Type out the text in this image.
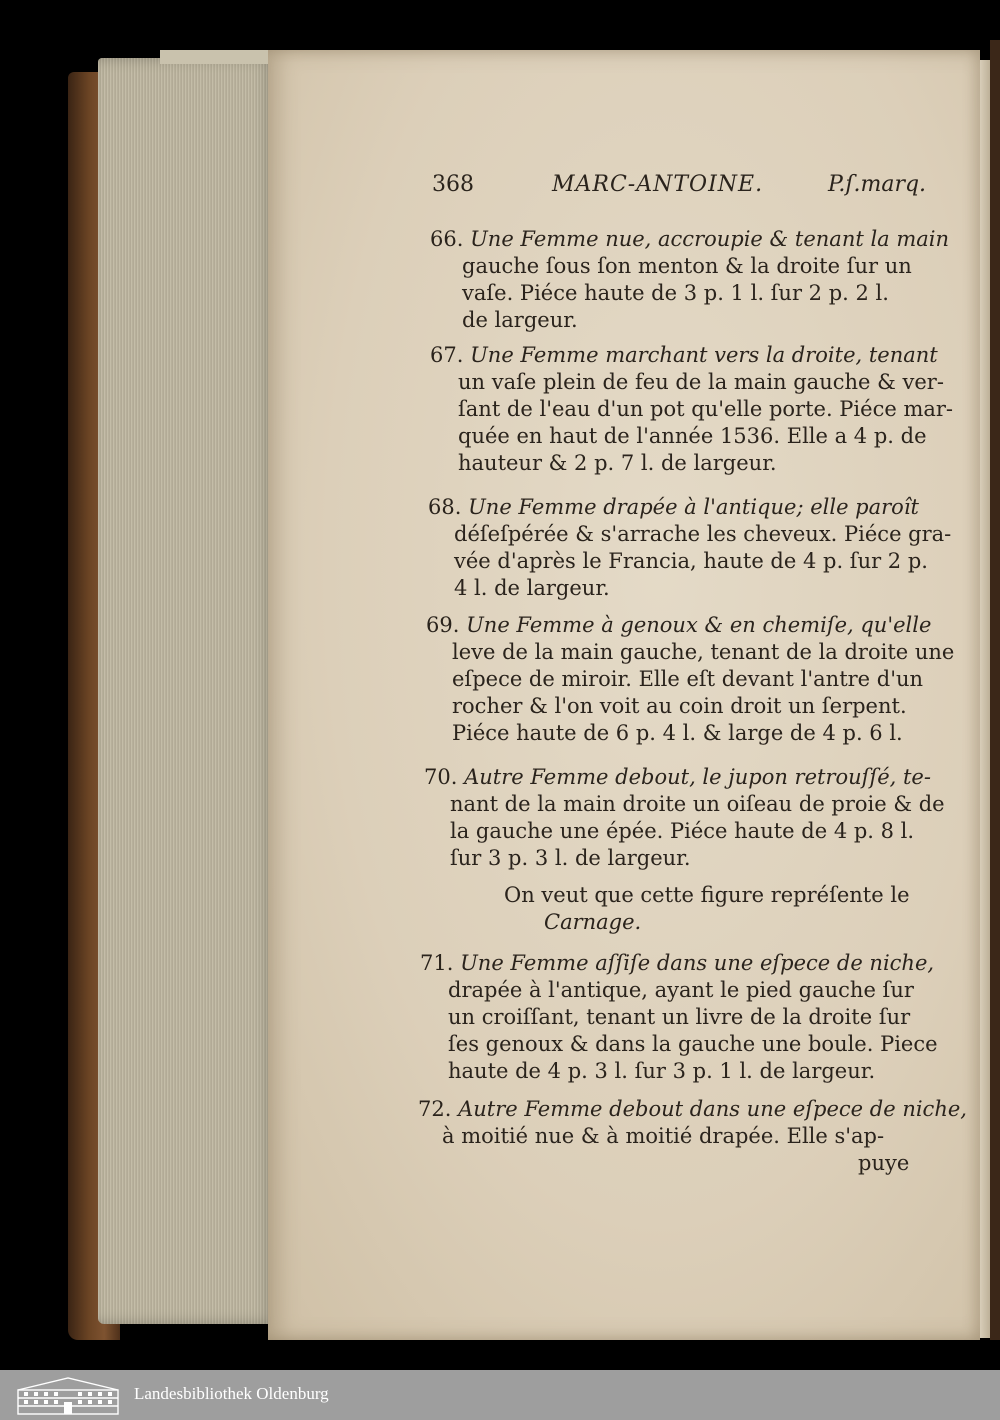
368	MARC-ANTOINE.	P.ſ.marq.
66. Une Femme nue, accroupie & tenant la main
gauche ſous ſon menton & la droite ſur un
vaſe. Piéce haute de 3 p. 1 l. ſur 2 p. 2 l.
de largeur.
67. Une Femme marchant vers la droite, tenant
un vaſe plein de feu de la main gauche & ver-
ſant de l'eau d'un pot qu'elle porte. Piéce mar-
quée en haut de l'année 1536. Elle a 4 p. de
hauteur & 2 p. 7 l. de largeur.
68. Une Femme drapée à l'antique; elle paroît
déſeſpérée & s'arrache les cheveux. Piéce gra-
vée d'après le Francia, haute de 4 p. ſur 2 p.
4 l. de largeur.
69. Une Femme à genoux & en chemiſe, qu'elle
leve de la main gauche, tenant de la droite une
eſpece de miroir. Elle eſt devant l'antre d'un
rocher & l'on voit au coin droit un ſerpent.
Piéce haute de 6 p. 4 l. & large de 4 p. 6 l.
70. Autre Femme debout, le jupon retrouſſé, te-
nant de la main droite un oiſeau de proie & de
la gauche une épée. Piéce haute de 4 p. 8 l.
ſur 3 p. 3 l. de largeur.
On veut que cette figure repréſente le
Carnage.
71. Une Femme aſſiſe dans une eſpece de niche,
drapée à l'antique, ayant le pied gauche ſur
un croiſſant, tenant un livre de la droite ſur
ſes genoux & dans la gauche une boule. Piece
haute de 4 p. 3 l. ſur 3 p. 1 l. de largeur.
72. Autre Femme debout dans une eſpece de niche,
à moitié nue & à moitié drapée. Elle s'ap-
puye
Landesbibliothek Oldenburg
